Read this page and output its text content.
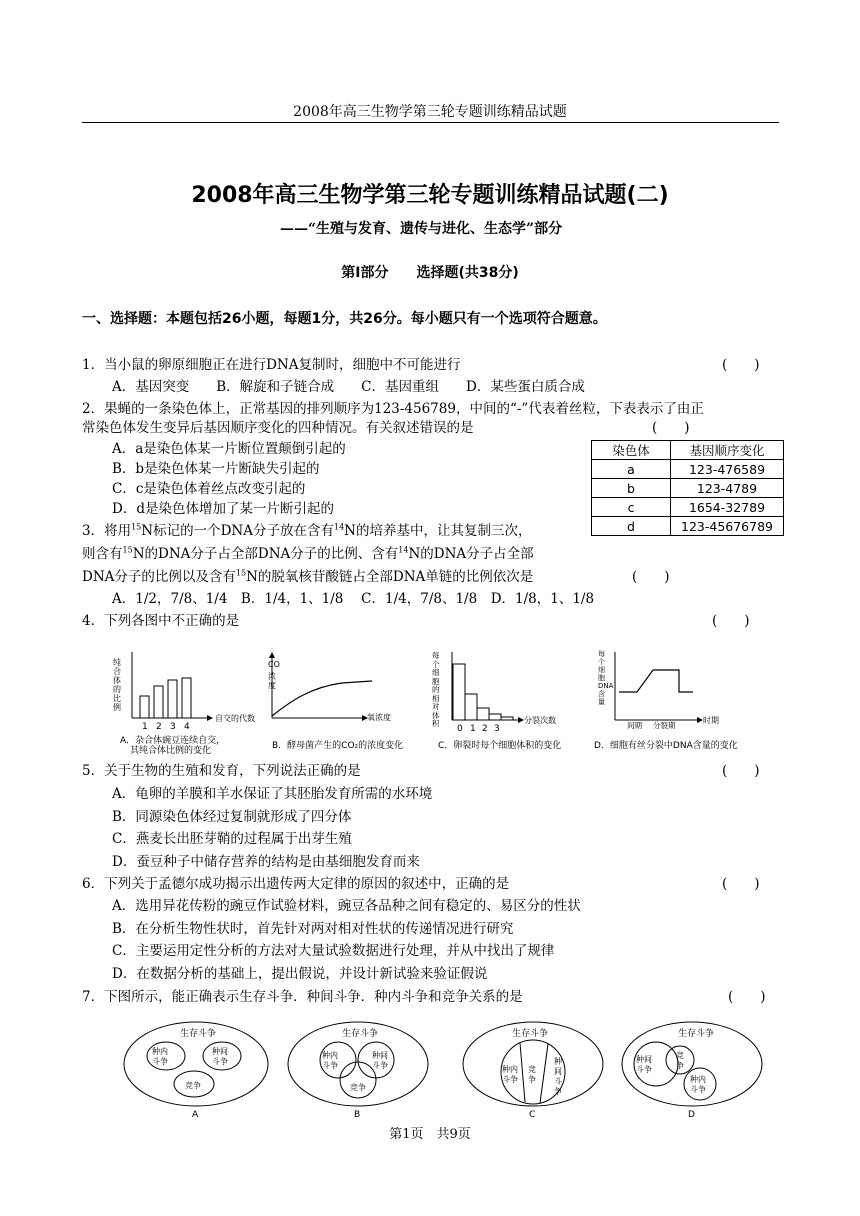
2008年高三生物学第三轮专题训练精品试题
2008年高三生物学第三轮专题训练精品试题(二)
——“生殖与发育、遗传与进化、生态学”部分
第Ⅰ部分　　选择题(共38分)
一、选择题：本题包括26小题，每题1分，共26分。每小题只有一个选项符合题意。
1．当小鼠的卵原细胞正在进行DNA复制时，细胞中不可能进行	(　　)
A．基因突变　　B．解旋和子链合成　　C．基因重组　　D．某些蛋白质合成
2．果蝇的一条染色体上，正常基因的排列顺序为123-456789，中间的“-”代表着丝粒，下表表示了由正
常染色体发生变异后基因顺序变化的四种情况。有关叙述错误的是	(　　)
A．a是染色体某一片断位置颠倒引起的
B．b是染色体某一片断缺失引起的
C．c是染色体着丝点改变引起的
D．d是染色体增加了某一片断引起的
染色体	基因顺序变化
a	123-476589
b	123-4789
c	1654-32789
d	123-45676789
3．将用$^{15}$N标记的一个DNA分子放在含有$^{14}$N的培养基中，让其复制三次，
则含有$^{15}$N的DNA分子占全部DNA分子的比例、含有$^{14}$N的DNA分子占全部
DNA分子的比例以及含有$^{15}$N的脱氧核苷酸链占全部DNA单链的比例依次是	(　　)
A．1/2，7/8、1/4　B．1/4，1、1/8　 C．1/4，7/8、1/8　D．1/8，1、1/8
4．下列各图中不正确的是	(　　)
1 2 3 4
自交的代数
纯合体的比例
A．杂合体豌豆连续自交，
其纯合体比例的变化
氧浓度
CO
浓度
B．酵母菌产生的CO₂的浓度变化
0 1 2 3
分裂次数
每个细胞的相对体积
C．卵裂时每个细胞体积的变化
间期 分裂期
时期
每个细胞DNA含量
D．细胞有丝分裂中DNA含量的变化
5．关于生物的生殖和发育，下列说法正确的是	(　　)
A．龟卵的羊膜和羊水保证了其胚胎发育所需的水环境
B．同源染色体经过复制就形成了四分体
C．燕麦长出胚芽鞘的过程属于出芽生殖
D．蚕豆种子中储存营养的结构是由基细胞发育而来
6．下列关于孟德尔成功揭示出遗传两大定律的原因的叙述中，正确的是	(　　)
A．选用异花传粉的豌豆作试验材料，豌豆各品种之间有稳定的、易区分的性状
B．在分析生物性状时，首先针对两对相对性状的传递情况进行研究
C．主要运用定性分析的方法对大量试验数据进行处理，并从中找出了规律
D．在数据分析的基础上，提出假说，并设计新试验来验证假说
7．下图所示，能正确表示生存斗争．种间斗争．种内斗争和竞争关系的是	(　　)
生存斗争
种内
斗争
种间
斗争
竞争
A
生存斗争
种内
斗争
种间
斗争
竞争
B
生存斗争
种内
斗争
竞
争
种
间
斗
争
C
生存斗争
种间
斗争
竞
争
种内
斗争
D
第1页　共9页
